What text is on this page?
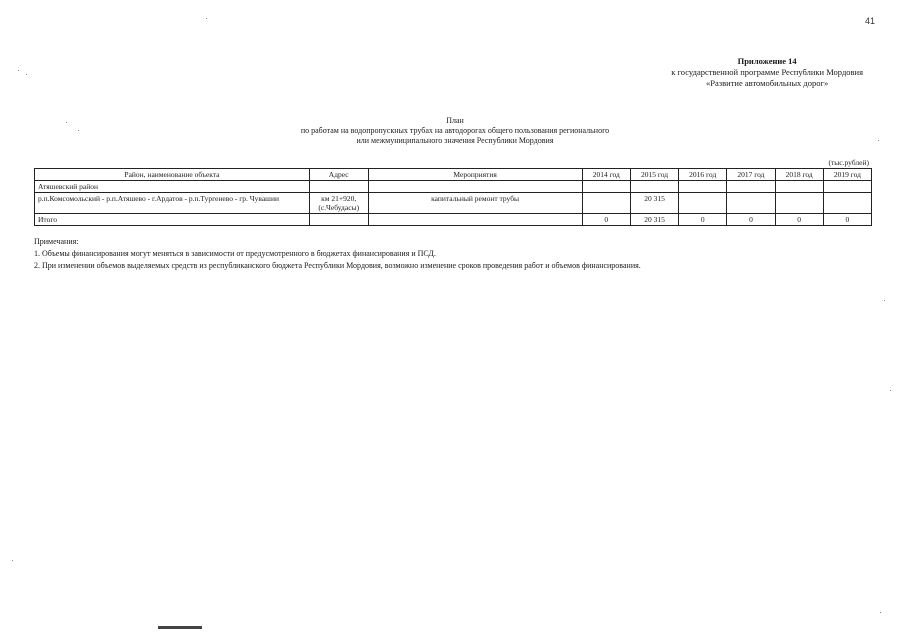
41
Приложение 14
к государственной программе Республики Мордовия
«Развитие автомобильных дорог»
План
по работам на водопропускных трубах на автодорогах общего пользования регионального
или межмуниципального значения Республики Мордовия
(тыс.рублей)
Район, наименование объекта	Адрес	Мероприятия	2014 год	2015 год	2016 год	2017 год	2018 год	2019 год
Атяшевский район								
р.п.Комсомольский - р.п.Атяшево - г.Ардатов - р.п.Тургенево - гр. Чувашии	км 21+920, (с.Чебудасы)	капитальный ремонт трубы		20 315				
Итого			0	20 315	0	0	0	0
Примечания:
1. Объемы финансирования могут меняться в зависимости от предусмотренного в бюджетах финансирования и ПСД.
2. При изменении объемов выделяемых средств из республиканского бюджета Республики Мордовия, возможно изменение сроков проведения работ и объемов финансирования.
